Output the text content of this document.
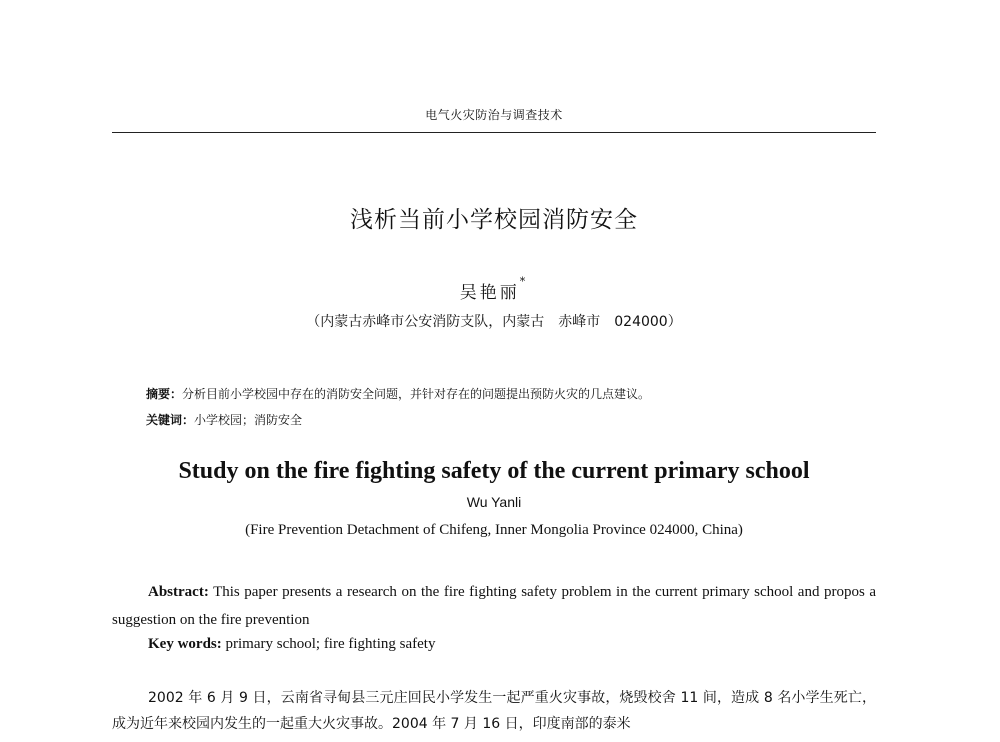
电气火灾防治与调查技术
浅析当前小学校园消防安全
吴艳丽*
（内蒙古赤峰市公安消防支队，内蒙古　赤峰市　024000）
摘要：分析目前小学校园中存在的消防安全问题，并针对存在的问题提出预防火灾的几点建议。
关键词：小学校园；消防安全
Study on the fire fighting safety of the current primary school
Wu Yanli
(Fire Prevention Detachment of Chifeng, Inner Mongolia Province 024000, China)
Abstract: This paper presents a research on the fire fighting safety problem in the current primary school and propos a suggestion on the fire prevention
Key words: primary school; fire fighting safety
2002 年 6 月 9 日，云南省寻甸县三元庄回民小学发生一起严重火灾事故，烧毁校舍 11 间，造成 8 名小学生死亡，成为近年来校园内发生的一起重大火灾事故。2004 年 7 月 16 日，印度南部的泰米
